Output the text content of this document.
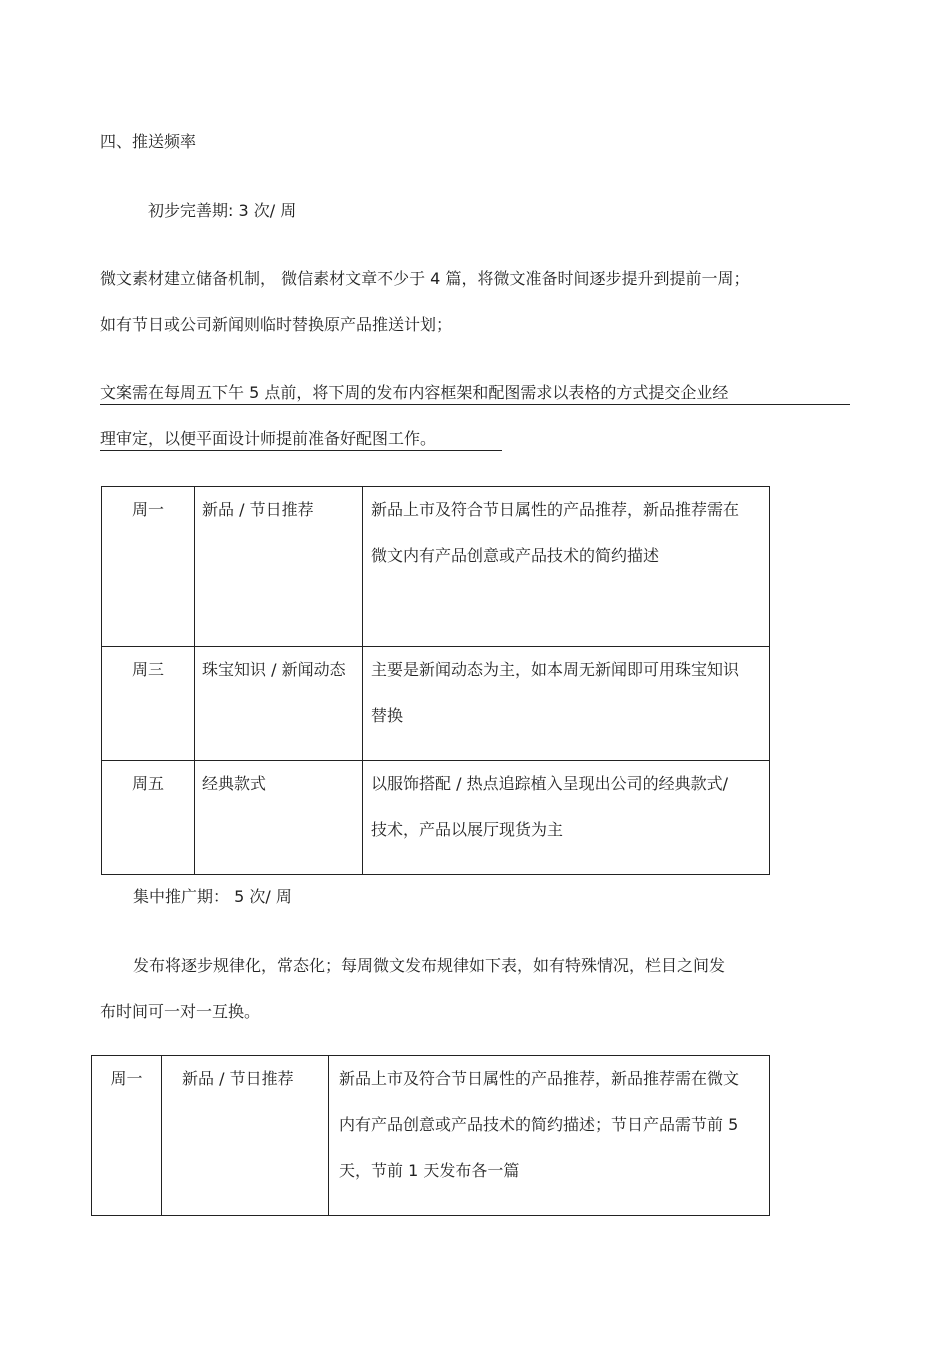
四、推送频率
初步完善期: 3 次/ 周
微文素材建立储备机制， 微信素材文章不少于 4 篇，将微文准备时间逐步提升到提前一周；
如有节日或公司新闻则临时替换原产品推送计划；
文案需在每周五下午 5 点前，将下周的发布内容框架和配图需求以表格的方式提交企业经
理审定，以便平面设计师提前准备好配图工作。
周一	新品 / 节日推荐	新品上市及符合节日属性的产品推荐，新品推荐需在微文内有产品创意或产品技术的简约描述
周三	珠宝知识 / 新闻动态	主要是新闻动态为主，如本周无新闻即可用珠宝知识替换
周五	经典款式	以服饰搭配 / 热点追踪植入呈现出公司的经典款式/ 技术，产品以展厅现货为主
集中推广期： 5 次/ 周
发布将逐步规律化，常态化；每周微文发布规律如下表，如有特殊情况，栏目之间发
布时间可一对一互换。
周一	新品 / 节日推荐	新品上市及符合节日属性的产品推荐，新品推荐需在微文内有产品创意或产品技术的简约描述；节日产品需节前 5 天，节前 1 天发布各一篇
